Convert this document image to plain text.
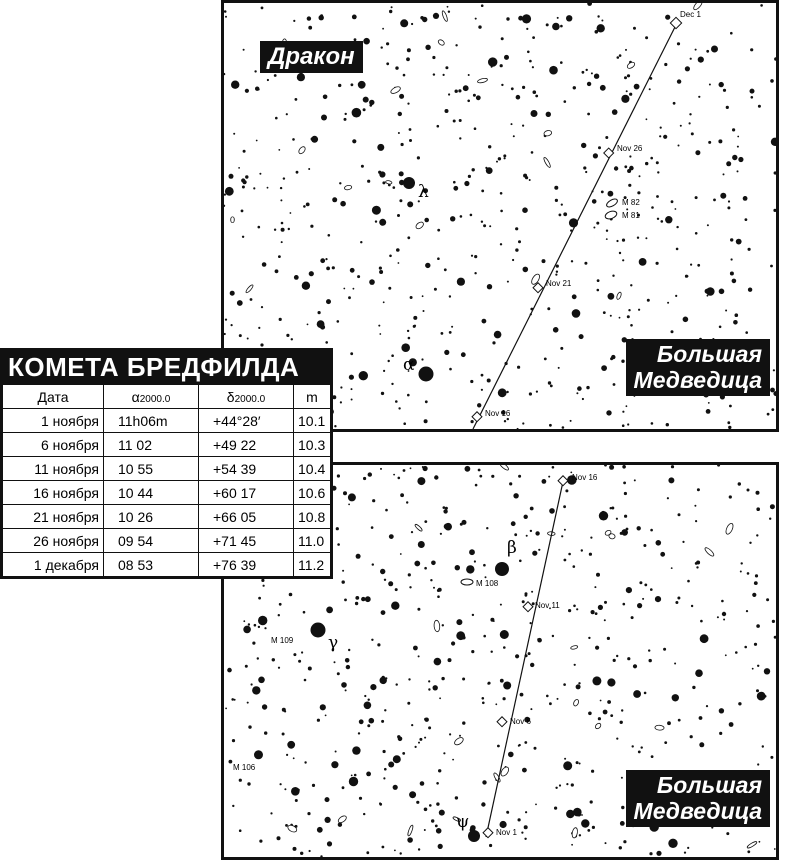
Dec 1
Nov 26
Nov 21
Nov 16
M 82
M 81
λ
α
0
Дракон
Большая
Медведица
Nov 16
Nov 11
Nov 6
Nov 1
M 108
M 109
M 106
β
γ
ψ
Большая
Медведица
КОМЕТА БРЕДФИЛДА
Дата	α2000.0	δ2000.0	m
1 ноября	11h06m	+44°28′	10.1
6 ноября	11 02	+49 22	10.3
11 ноября	10 55	+54 39	10.4
16 ноября	10 44	+60 17	10.6
21 ноября	10 26	+66 05	10.8
26 ноября	09 54	+71 45	11.0
1 декабря	08 53	+76 39	11.2
